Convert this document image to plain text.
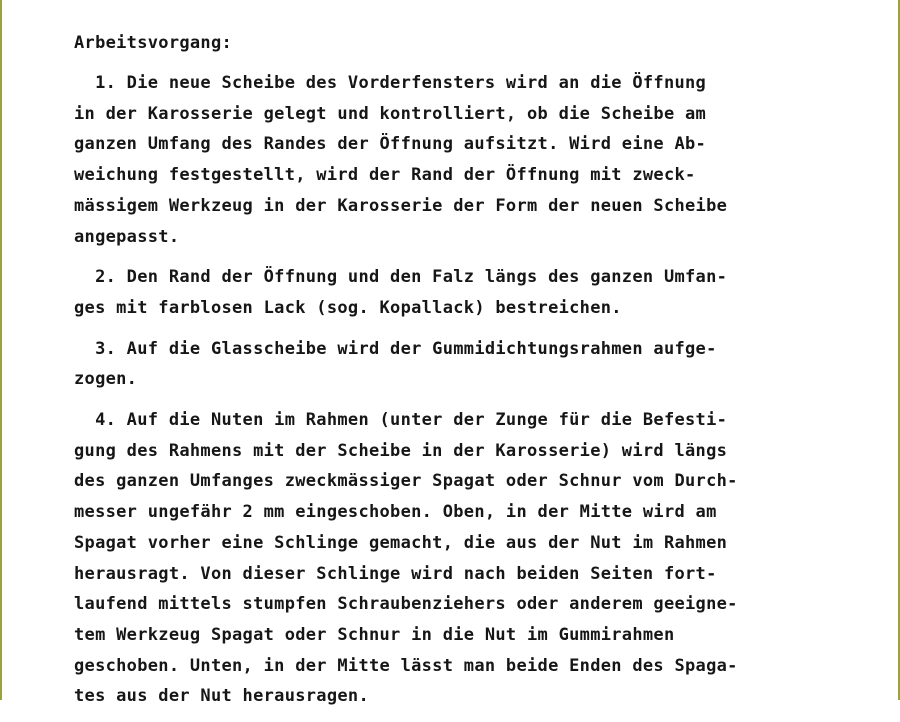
Arbeitsvorgang:
1. Die neue Scheibe des Vorderfensters wird an die Öffnung
in der Karosserie gelegt und kontrolliert, ob die Scheibe am
ganzen Umfang des Randes der Öffnung aufsitzt. Wird eine Ab-
weichung festgestellt, wird der Rand der Öffnung mit zweck-
mässigem Werkzeug in der Karosserie der Form der neuen Scheibe
angepasst.
2. Den Rand der Öffnung und den Falz längs des ganzen Umfan-
ges mit farblosen Lack (sog. Kopallack) bestreichen.
3. Auf die Glasscheibe wird der Gummidichtungsrahmen aufge-
zogen.
4. Auf die Nuten im Rahmen (unter der Zunge für die Befesti-
gung des Rahmens mit der Scheibe in der Karosserie) wird längs
des ganzen Umfanges zweckmässiger Spagat oder Schnur vom Durch-
messer ungefähr 2 mm eingeschoben. Oben, in der Mitte wird am
Spagat vorher eine Schlinge gemacht, die aus der Nut im Rahmen
herausragt. Von dieser Schlinge wird nach beiden Seiten fort-
laufend mittels stumpfen Schraubenziehers oder anderem geeigne-
tem Werkzeug Spagat oder Schnur in die Nut im Gummirahmen
geschoben. Unten, in der Mitte lässt man beide Enden des Spaga-
tes aus der Nut herausragen.
